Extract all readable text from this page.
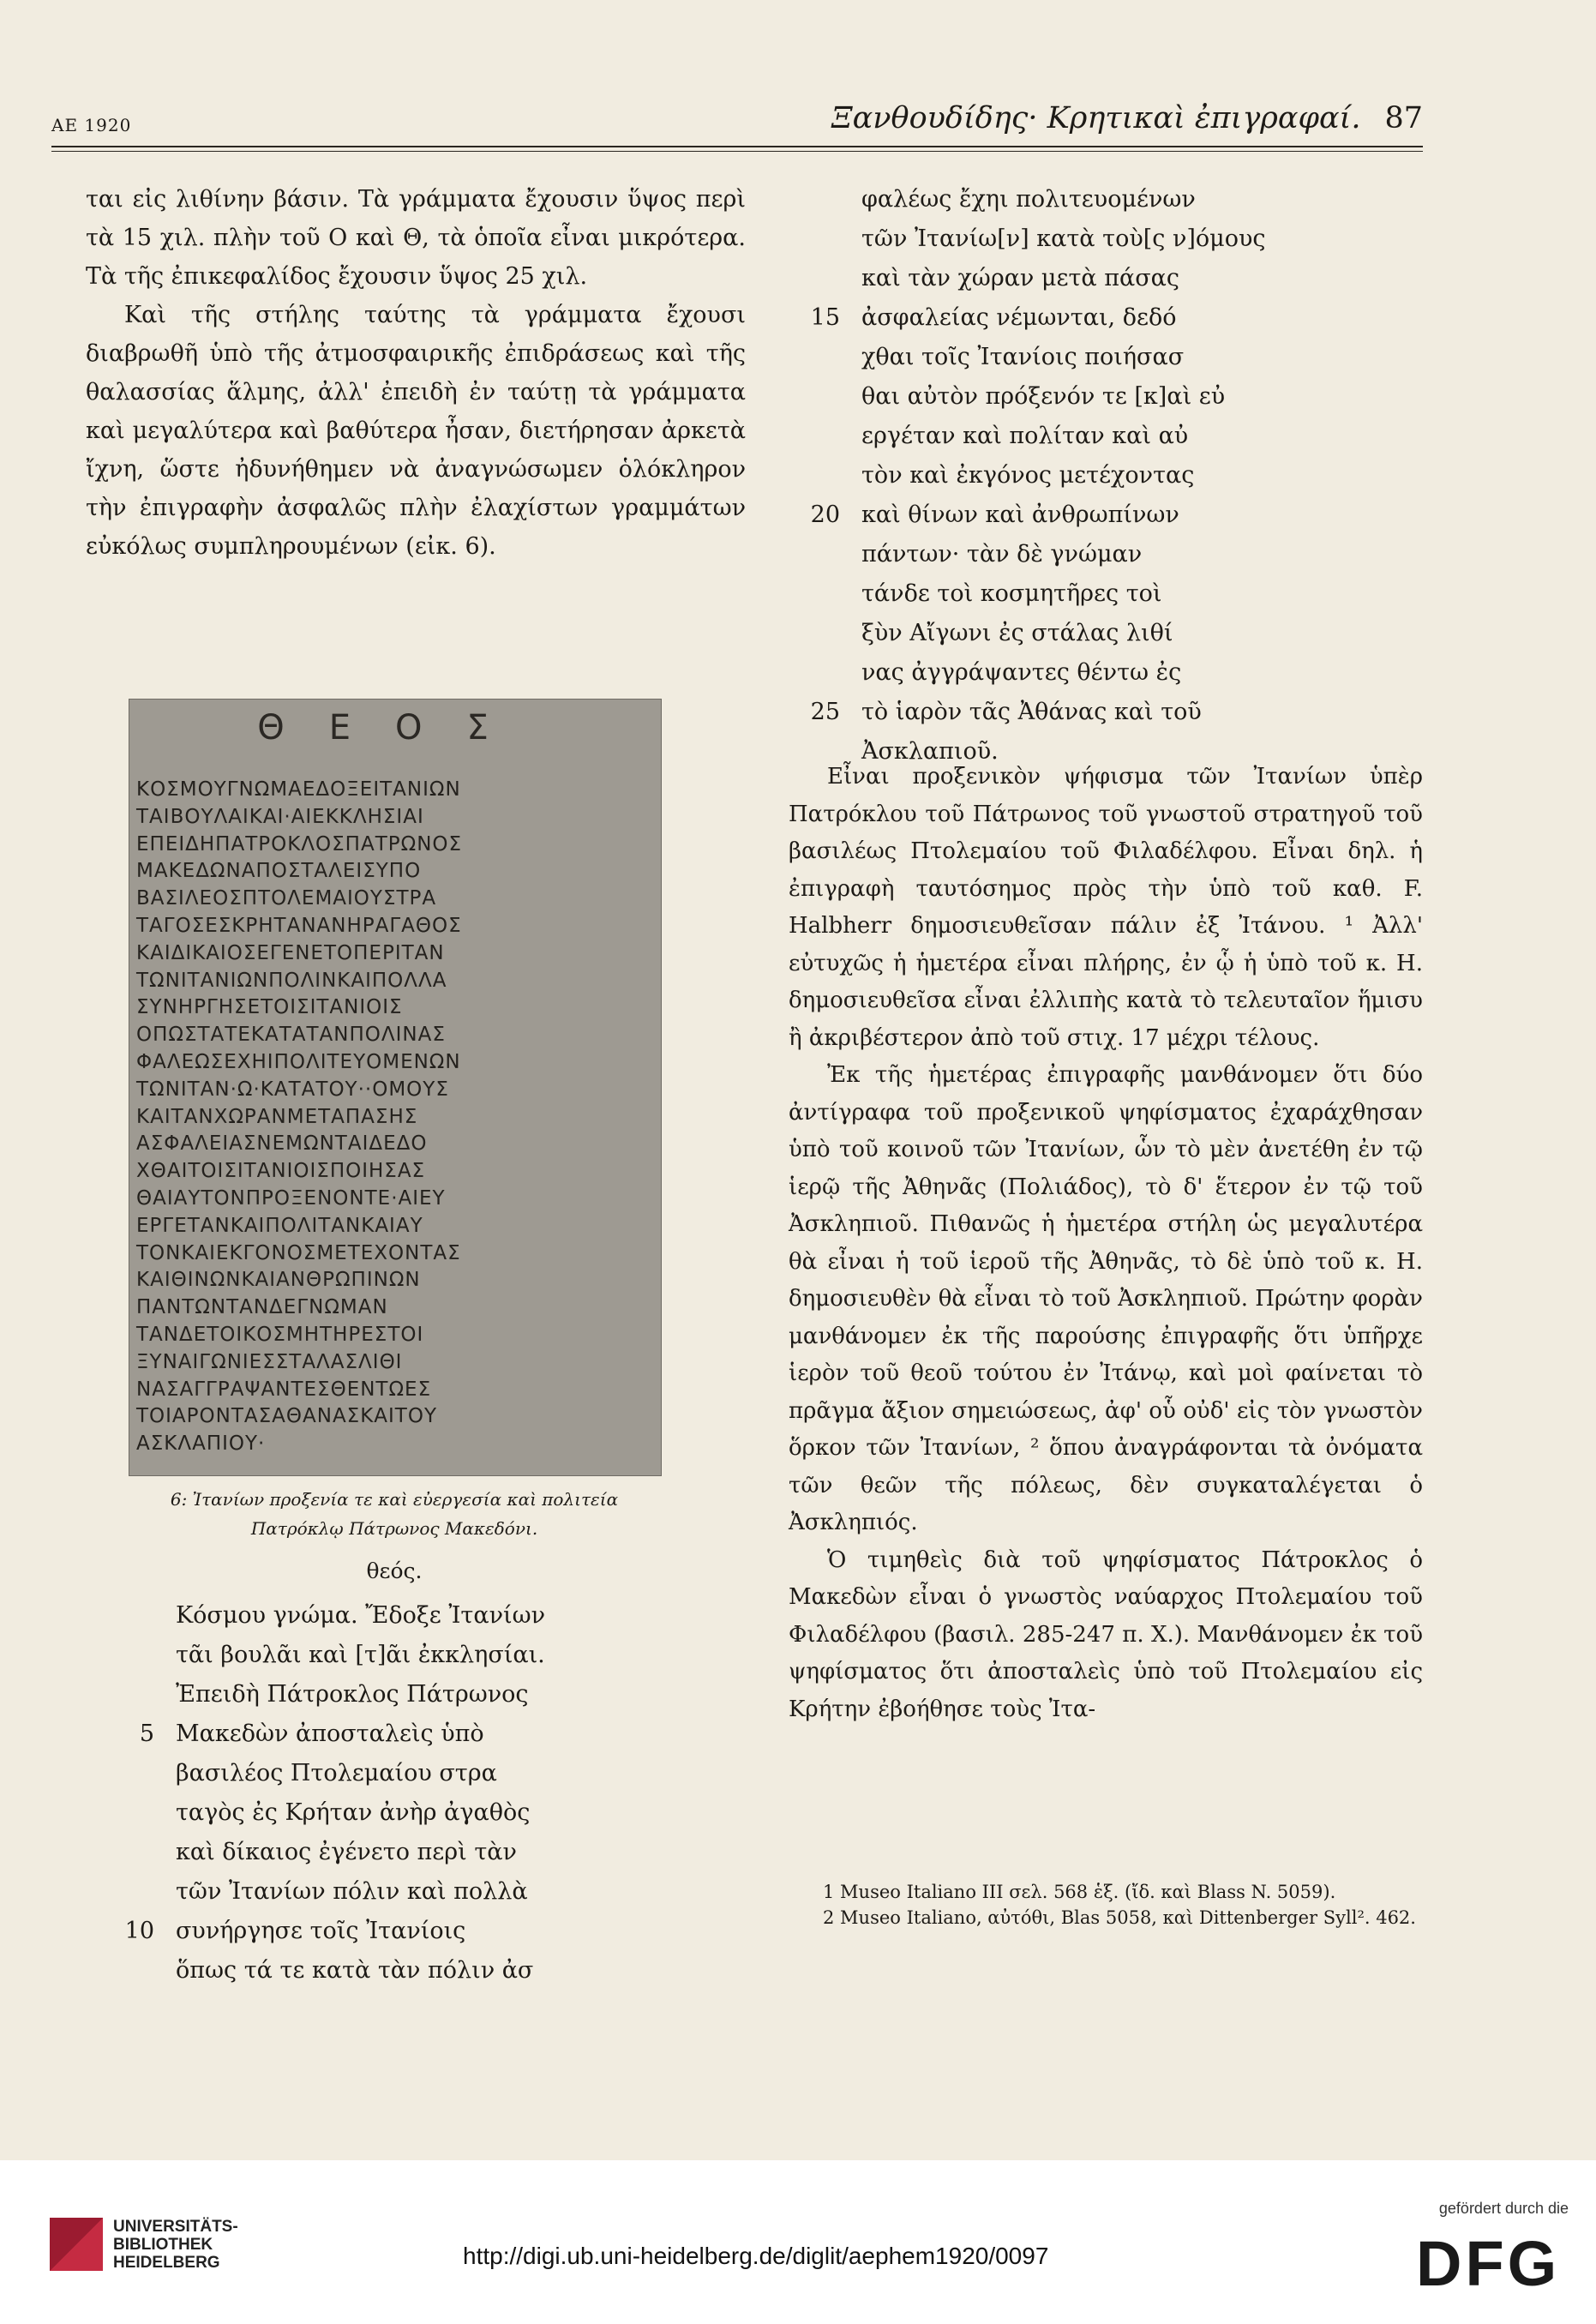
ΑΕ 1920	Ξανθουδίδης· Κρητικαὶ ἐπιγραφαί. 87

ται εἰς λιθίνην βάσιν. Τὰ γράμματα ἔχουσιν ὕψος περὶ τὰ 15 χιλ. πλὴν τοῦ Ο καὶ Θ, τὰ ὁποῖα εἶναι μικρότερα. Τὰ τῆς ἐπικεφαλίδος ἔχουσιν ὕψος 25 χιλ.

Καὶ τῆς στήλης ταύτης τὰ γράμματα ἔχουσι διαβρωθῆ ὑπὸ τῆς ἀτμοσφαιρικῆς ἐπιδράσεως καὶ τῆς θαλασσίας ἅλμης, ἀλλ' ἐπειδὴ ἐν ταύτῃ τὰ γράμματα καὶ μεγαλύτερα καὶ βαθύτερα ἦσαν, διετήρησαν ἀρκετὰ ἴχνη, ὥστε ἠδυνήθημεν νὰ ἀναγνώσωμεν ὁλόκληρον τὴν ἐπιγραφὴν ἀσφαλῶς πλὴν ἐλαχίστων γραμμάτων εὐκόλως συμπληρουμένων (εἰκ. 6).

ΘΕΟΣ
ΚΟΣΜΟΥΓΝΩΜΑΕΔΟΞΕΙΤΑΝΙΩΝ
ΤΑΙΒΟΥΛΑΙΚΑΙ·ΑΙΕΚΚΛΗΣΙΑΙ
ΕΠΕΙΔΗΠΑΤΡΟΚΛΟΣΠΑΤΡΩΝΟΣ
ΜΑΚΕΔΩΝΑΠΟΣΤΑΛΕΙΣΥΠΟ
ΒΑΣΙΛΕΟΣΠΤΟΛΕΜΑΙΟΥΣΤΡΑ
ΤΑΓΟΣΕΣΚΡΗΤΑΝΑΝΗΡΑΓΑΘΟΣ
ΚΑΙΔΙΚΑΙΟΣΕΓΕΝΕΤΟΠΕΡΙΤΑΝ
ΤΩΝΙΤΑΝΙΩΝΠΟΛΙΝΚΑΙΠΟΛΛΑ
ΣΥΝΗΡΓΗΣΕΤΟΙΣΙΤΑΝΙΟΙΣ
ΟΠΩΣΤΑΤΕΚΑΤΑΤΑΝΠΟΛΙΝΑΣ
ΦΑΛΕΩΣΕΧΗΙΠΟΛΙΤΕΥΟΜΕΝΩΝ
ΤΩΝΙΤΑΝ·Ω·ΚΑΤΑΤΟΥ··ΟΜΟΥΣ
ΚΑΙΤΑΝΧΩΡΑΝΜΕΤΑΠΑΣΗΣ
ΑΣΦΑΛΕΙΑΣΝΕΜΩΝΤΑΙΔΕΔΟ
ΧΘΑΙΤΟΙΣΙΤΑΝΙΟΙΣΠΟΙΗΣΑΣ
ΘΑΙΑΥΤΟΝΠΡΟΞΕΝΟΝΤΕ·ΑΙΕΥ
ΕΡΓΕΤΑΝΚΑΙΠΟΛΙΤΑΝΚΑΙΑΥ
ΤΟΝΚΑΙΕΚΓΟΝΟΣΜΕΤΕΧΟΝΤΑΣ
ΚΑΙΘΙΝΩΝΚΑΙΑΝΘΡΩΠΙΝΩΝ
ΠΑΝΤΩΝΤΑΝΔΕΓΝΩΜΑΝ
ΤΑΝΔΕΤΟΙΚΟΣΜΗΤΗΡΕΣΤΟΙ
ΞΥΝΑΙΓΩΝΙΕΣΣΤΑΛΑΣΛΙΘΙ
ΝΑΣΑΓΓΡΑΨΑΝΤΕΣΘΕΝΤΩΕΣ
ΤΟΙΑΡΟΝΤΑΣΑΘΑΝΑΣΚΑΙΤΟΥ
ΑΣΚΛΑΠΙΟΥ·
6: Ἰτανίων προξενία τε καὶ εὐεργεσία καὶ πολιτεία
Πατρόκλῳ Πάτρωνος Μακεδόνι.
θεός.
Κόσμου γνώμα. Ἔδοξε Ἰτανίων
τᾶι βουλᾶι καὶ [τ]ᾶι ἐκκλησίαι.
Ἐπειδὴ Πάτροκλος Πάτρωνος
5 Μακεδὼν ἀποσταλεὶς ὑπὸ
βασιλέος Πτολεμαίου στρα
ταγὸς ἐς Κρήταν ἀνὴρ ἀγαθὸς
καὶ δίκαιος ἐγένετο περὶ τὰν
τῶν Ἰτανίων πόλιν καὶ πολλὰ
10 συνήργησε τοῖς Ἰτανίοις
ὅπως τά τε κατὰ τὰν πόλιν ἀσ
φαλέως ἔχηι πολιτευομένων
τῶν Ἰτανίω[ν] κατὰ τοὺ[ς ν]όμους
καὶ τὰν χώραν μετὰ πάσας
15 ἀσφαλείας νέμωνται, δεδό
χθαι τοῖς Ἰτανίοις ποιήσασ
θαι αὐτὸν πρόξενόν τε [κ]αὶ εὐ
εργέταν καὶ πολίταν καὶ αὐ
τὸν καὶ ἐκγόνος μετέχοντας
20 καὶ θίνων καὶ ἀνθρωπίνων
πάντων· τὰν δὲ γνώμαν
τάνδε τοὶ κοσμητῆρες τοὶ
ξὺν Αἴγωνι ἐς στάλας λιθί
νας ἀγγράψαντες θέντω ἐς
25 τὸ ἱαρὸν τᾶς Ἀθάνας καὶ τοῦ
Ἀσκλαπιοῦ.

Εἶναι προξενικὸν ψήφισμα τῶν Ἰτανίων ὑπὲρ Πατρόκλου τοῦ Πάτρωνος τοῦ γνωστοῦ στρατηγοῦ τοῦ βασιλέως Πτολεμαίου τοῦ Φιλαδέλφου. Εἶναι δηλ. ἡ ἐπιγραφὴ ταυτόσημος πρὸς τὴν ὑπὸ τοῦ καθ. F. Halbherr δημοσιευθεῖσαν πάλιν ἐξ Ἰτάνου. ¹ Ἀλλ' εὐτυχῶς ἡ ἡμετέρα εἶναι πλήρης, ἐν ᾧ ἡ ὑπὸ τοῦ κ. Η. δημοσιευθεῖσα εἶναι ἐλλιπὴς κατὰ τὸ τελευταῖον ἥμισυ ἢ ἀκριβέστερον ἀπὸ τοῦ στιχ. 17 μέχρι τέλους.

Ἐκ τῆς ἡμετέρας ἐπιγραφῆς μανθάνομεν ὅτι δύο ἀντίγραφα τοῦ προξενικοῦ ψηφίσματος ἐχαράχθησαν ὑπὸ τοῦ κοινοῦ τῶν Ἰτανίων, ὧν τὸ μὲν ἀνετέθη ἐν τῷ ἱερῷ τῆς Ἀθηνᾶς (Πολιάδος), τὸ δ' ἕτερον ἐν τῷ τοῦ Ἀσκληπιοῦ. Πιθανῶς ἡ ἡμετέρα στήλη ὡς μεγαλυτέρα θὰ εἶναι ἡ τοῦ ἱεροῦ τῆς Ἀθηνᾶς, τὸ δὲ ὑπὸ τοῦ κ. Η. δημοσιευθὲν θὰ εἶναι τὸ τοῦ Ἀσκληπιοῦ. Πρώτην φορὰν μανθάνομεν ἐκ τῆς παρούσης ἐπιγραφῆς ὅτι ὑπῆρχε ἱερὸν τοῦ θεοῦ τούτου ἐν Ἰτάνῳ, καὶ μοὶ φαίνεται τὸ πρᾶγμα ἄξιον σημειώσεως, ἀφ' οὗ οὐδ' εἰς τὸν γνωστὸν ὅρκον τῶν Ἰτανίων, ² ὅπου ἀναγράφονται τὰ ὀνόματα τῶν θεῶν τῆς πόλεως, δὲν συγκαταλέγεται ὁ Ἀσκληπιός.

Ὁ τιμηθεὶς διὰ τοῦ ψηφίσματος Πάτροκλος ὁ Μακεδὼν εἶναι ὁ γνωστὸς ναύαρχος Πτολεμαίου τοῦ Φιλαδέλφου (βασιλ. 285-247 π. Χ.). Μανθάνομεν ἐκ τοῦ ψηφίσματος ὅτι ἀποσταλεὶς ὑπὸ τοῦ Πτολεμαίου εἰς Κρήτην ἐβοήθησε τοὺς Ἰτα-

1 Museo Italiano III σελ. 568 ἑξ. (ἴδ. καὶ Blass N. 5059).
2 Museo Italiano, αὐτόθι, Blas 5058, καὶ Dittenberger Syll². 462.
UNIVERSITÄTS-
BIBLIOTHEK
HEIDELBERG	http://digi.ub.uni-heidelberg.de/diglit/aephem1920/0097
gefördert durch die
DFG
